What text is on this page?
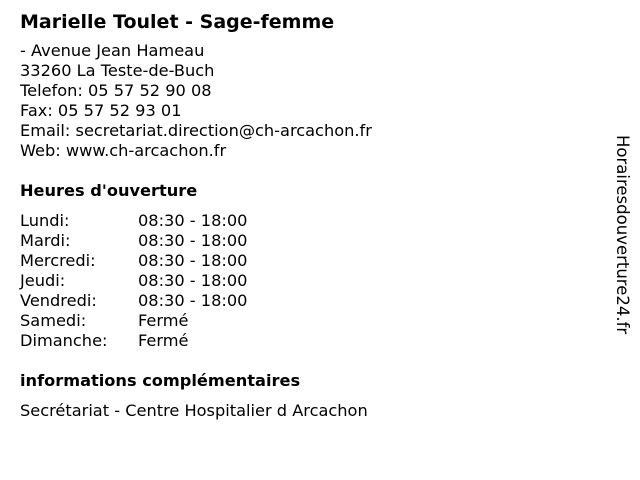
Marielle Toulet - Sage-femme
- Avenue Jean Hameau
33260 La Teste-de-Buch
Telefon: 05 57 52 90 08
Fax: 05 57 52 93 01
Email: secretariat.direction@ch-arcachon.fr
Web: www.ch-arcachon.fr
Heures d'ouverture
Lundi:	08:30 - 18:00
Mardi:	08:30 - 18:00
Mercredi:	08:30 - 18:00
Jeudi:	08:30 - 18:00
Vendredi:	08:30 - 18:00
Samedi:	Fermé
Dimanche:	Fermé
informations complémentaires
Secrétariat - Centre Hospitalier d Arcachon
Horairesdouverture24.fr
